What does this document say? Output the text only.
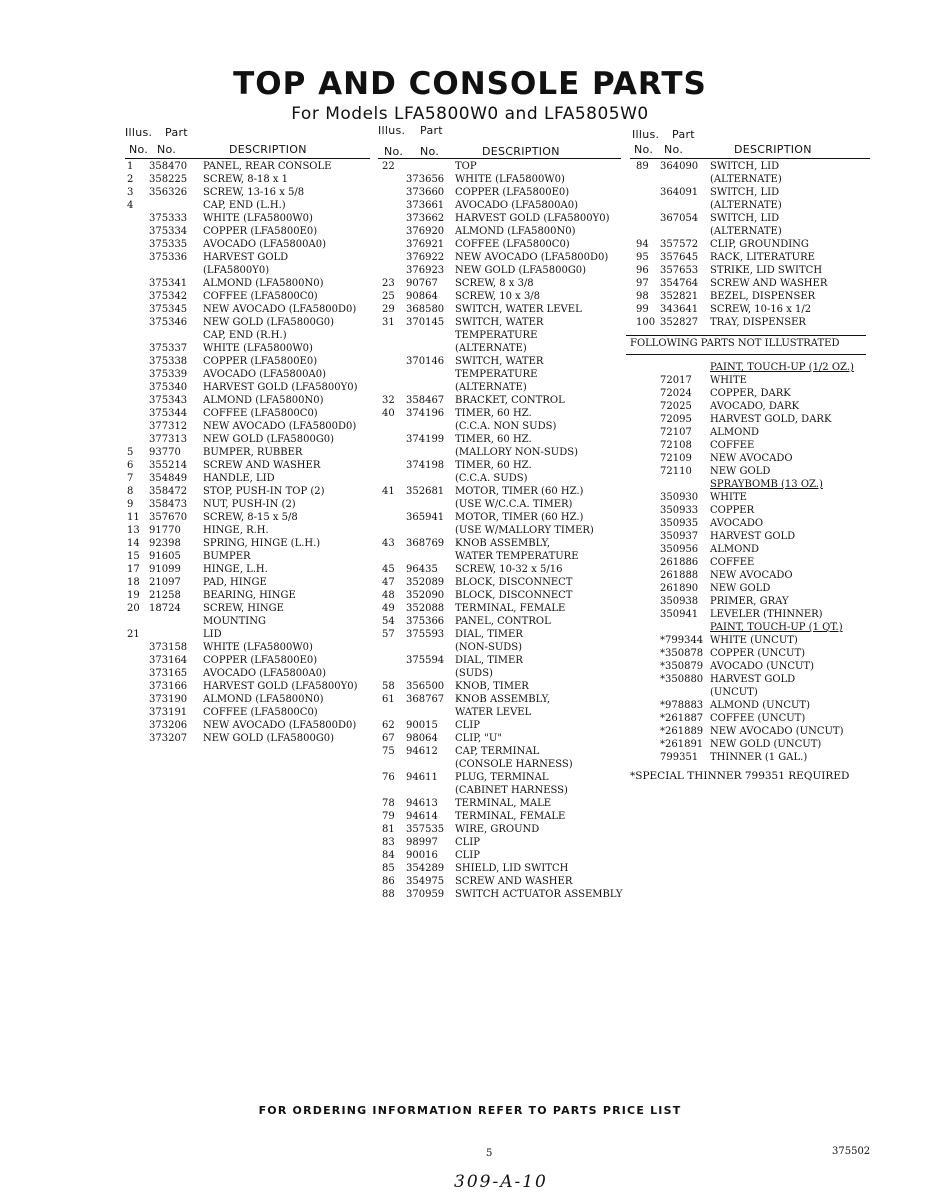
TOP AND CONSOLE PARTS
For Models LFA5800W0 and LFA5805W0
Illus. Part
No. No.	DESCRIPTION
1 358470 PANEL, REAR CONSOLE
2 358225 SCREW, 8-18 x 1
3 356326 SCREW, 13-16 x 5/8
4	CAP, END (L.H.)
375333 WHITE (LFA5800W0)
375334 COPPER (LFA5800E0)
375335 AVOCADO (LFA5800A0)
375336 HARVEST GOLD
(LFA5800Y0)
375341 ALMOND (LFA5800N0)
375342 COFFEE (LFA5800C0)
375345 NEW AVOCADO (LFA5800D0)
375346 NEW GOLD (LFA5800G0)
CAP, END (R.H.)
375337 WHITE (LFA5800W0)
375338 COPPER (LFA5800E0)
375339 AVOCADO (LFA5800A0)
375340 HARVEST GOLD (LFA5800Y0)
375343 ALMOND (LFA5800N0)
375344 COFFEE (LFA5800C0)
377312 NEW AVOCADO (LFA5800D0)
377313 NEW GOLD (LFA5800G0)
5 93770 BUMPER, RUBBER
6 355214 SCREW AND WASHER
7 354849 HANDLE, LID
8 358472 STOP, PUSH-IN TOP (2)
9 358473 NUT, PUSH-IN (2)
11 357670 SCREW, 8-15 x 5/8
13 91770 HINGE, R.H.
14 92398 SPRING, HINGE (L.H.)
15 91605 BUMPER
17 91099 HINGE, L.H.
18 21097 PAD, HINGE
19 21258 BEARING, HINGE
20 18724 SCREW, HINGE
MOUNTING
21	LID
373158 WHITE (LFA5800W0)
373164 COPPER (LFA5800E0)
373165 AVOCADO (LFA5800A0)
373166 HARVEST GOLD (LFA5800Y0)
373190 ALMOND (LFA5800N0)
373191 COFFEE (LFA5800C0)
373206 NEW AVOCADO (LFA5800D0)
373207 NEW GOLD (LFA5800G0)
Illus. Part
No. No.	DESCRIPTION
22	TOP
373656 WHITE (LFA5800W0)
373660 COPPER (LFA5800E0)
373661 AVOCADO (LFA5800A0)
373662 HARVEST GOLD (LFA5800Y0)
376920 ALMOND (LFA5800N0)
376921 COFFEE (LFA5800C0)
376922 NEW AVOCADO (LFA5800D0)
376923 NEW GOLD (LFA5800G0)
23 90767 SCREW, 8 x 3/8
25 90864 SCREW, 10 x 3/8
29 368580 SWITCH, WATER LEVEL
31 370145 SWITCH, WATER
TEMPERATURE
(ALTERNATE)
370146 SWITCH, WATER
TEMPERATURE
(ALTERNATE)
32 358467 BRACKET, CONTROL
40 374196 TIMER, 60 HZ.
(C.C.A. NON SUDS)
374199 TIMER, 60 HZ.
(MALLORY NON-SUDS)
374198 TIMER, 60 HZ.
(C.C.A. SUDS)
41 352681 MOTOR, TIMER (60 HZ.)
(USE W/C.C.A. TIMER)
365941 MOTOR, TIMER (60 HZ.)
(USE W/MALLORY TIMER)
43 368769 KNOB ASSEMBLY,
WATER TEMPERATURE
45 96435 SCREW, 10-32 x 5/16
47 352089 BLOCK, DISCONNECT
48 352090 BLOCK, DISCONNECT
49 352088 TERMINAL, FEMALE
54 375366 PANEL, CONTROL
57 375593 DIAL, TIMER
(NON-SUDS)
375594 DIAL, TIMER
(SUDS)
58 356500 KNOB, TIMER
61 368767 KNOB ASSEMBLY,
WATER LEVEL
62 90015 CLIP
67 98064 CLIP, "U"
75 94612 CAP, TERMINAL
(CONSOLE HARNESS)
76 94611 PLUG, TERMINAL
(CABINET HARNESS)
78 94613 TERMINAL, MALE
79 94614 TERMINAL, FEMALE
81 357535 WIRE, GROUND
83 98997 CLIP
84 90016 CLIP
85 354289 SHIELD, LID SWITCH
86 354975 SCREW AND WASHER
88 370959 SWITCH ACTUATOR ASSEMBLY
Illus. Part
No. No.	DESCRIPTION
89 364090 SWITCH, LID
(ALTERNATE)
364091 SWITCH, LID
(ALTERNATE)
367054 SWITCH, LID
(ALTERNATE)
94 357572 CLIP, GROUNDING
95 357645 RACK, LITERATURE
96 357653 STRIKE, LID SWITCH
97 354764 SCREW AND WASHER
98 352821 BEZEL, DISPENSER
99 343641 SCREW, 10-16 x 1/2
100 352827 TRAY, DISPENSER
FOLLOWING PARTS NOT ILLUSTRATED
PAINT, TOUCH-UP (1/2 OZ.)
72017 WHITE
72024 COPPER, DARK
72025 AVOCADO, DARK
72095 HARVEST GOLD, DARK
72107 ALMOND
72108 COFFEE
72109 NEW AVOCADO
72110 NEW GOLD
SPRAYBOMB (13 OZ.)
350930 WHITE
350933 COPPER
350935 AVOCADO
350937 HARVEST GOLD
350956 ALMOND
261886 COFFEE
261888 NEW AVOCADO
261890 NEW GOLD
350938 PRIMER, GRAY
350941 LEVELER (THINNER)
PAINT, TOUCH-UP (1 QT.)
*799344 WHITE (UNCUT)
*350878 COPPER (UNCUT)
*350879 AVOCADO (UNCUT)
*350880 HARVEST GOLD
(UNCUT)
*978883 ALMOND (UNCUT)
*261887 COFFEE (UNCUT)
*261889 NEW AVOCADO (UNCUT)
*261891 NEW GOLD (UNCUT)
799351 THINNER (1 GAL.)
*SPECIAL THINNER 799351 REQUIRED
FOR ORDERING INFORMATION REFER TO PARTS PRICE LIST
5	375502
309-A-10
